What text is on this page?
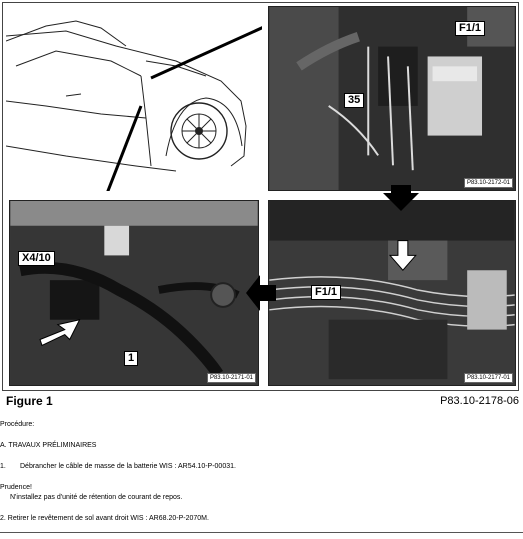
F1/1
35
P83.10-2172-01
X4/10
1
P83.10-2171-01
F1/1
P83.10-2177-01
Figure 1	P83.10-2178-06
Procédure:
A. TRAVAUX PRÉLIMINAIRES
1. Débrancher le câble de masse de la batterie WIS : AR54.10-P-00031.
Prudence!
N'installez pas d'unité de rétention de courant de repos.
2. Retirer le revêtement de sol avant droit WIS : AR68.20-P-2070M.
